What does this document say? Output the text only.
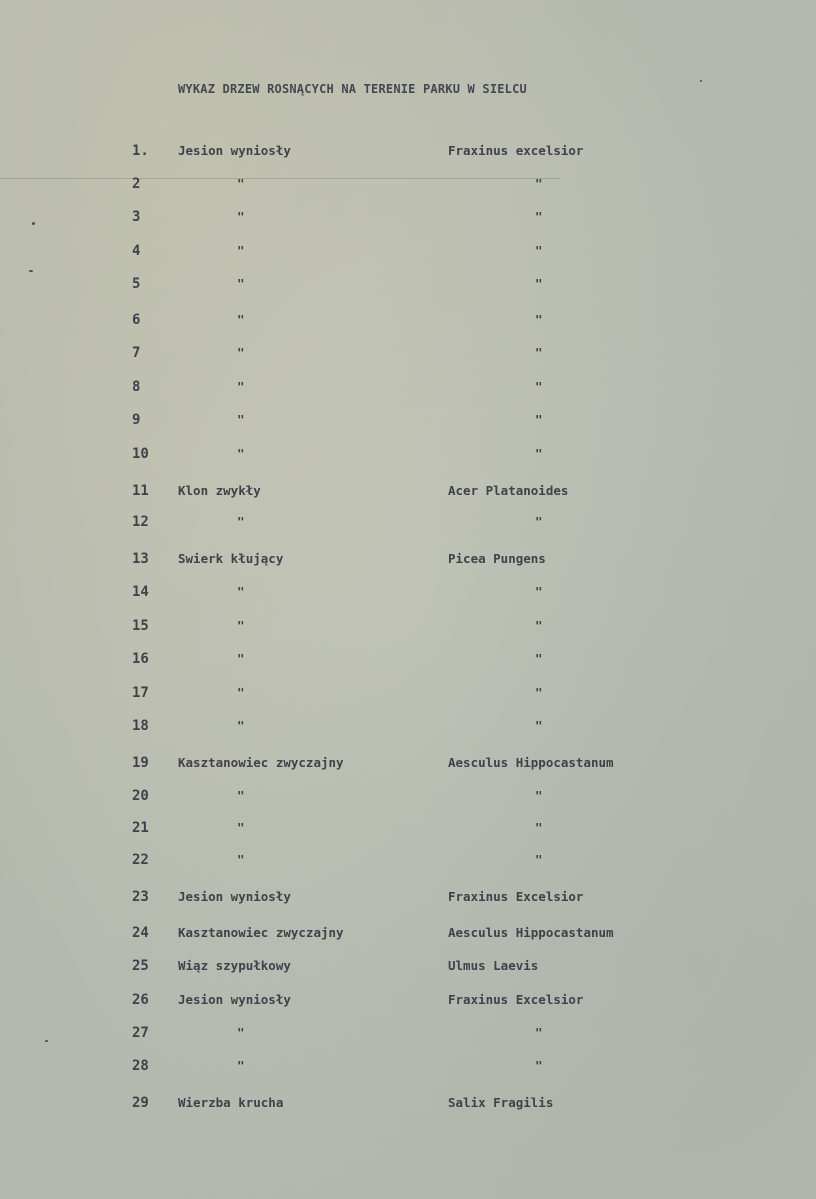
WYKAZ DRZEW ROSNĄCYCH NA TERENIE PARKU W SIELCU
1.	Jesion wyniosły	Fraxinus excelsior
2	"	"
3	"	"
4	"	"
5	"	"
6	"	"
7	"	"
8	"	"
9	"	"
10	"	"
11	Klon zwykły	Acer Platanoides
12	"	"
13	Swierk kłujący	Picea Pungens
14	"	"
15	"	"
16	"	"
17	"	"
18	"	"
19	Kasztanowiec zwyczajny	Aesculus Hippocastanum
20	"	"
21	"	"
22	"	"
23	Jesion wyniosły	Fraxinus Excelsior
24	Kasztanowiec zwyczajny	Aesculus Hippocastanum
25	Wiąz szypułkowy	Ulmus Laevis
26	Jesion wyniosły	Fraxinus Excelsior
27	"	"
28	"	"
29	Wierzba krucha	Salix Fragilis
